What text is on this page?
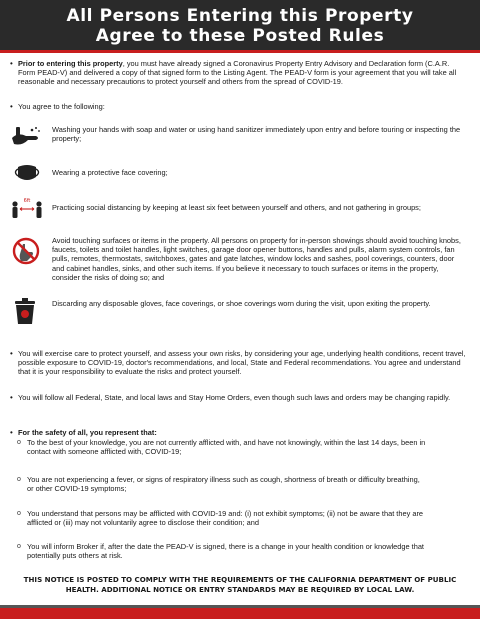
All Persons Entering this Property
Agree to these Posted Rules
• Prior to entering this property, you must have already signed a Coronavirus Property Entry Advisory and Declaration form (C.A.R. Form PEAD-V) and delivered a copy of that signed form to the Listing Agent. The PEAD-V form is your agreement that you will take all reasonable and necessary precautions to protect yourself and others from the spread of COVID-19.
• You agree to the following:
Washing your hands with soap and water or using hand sanitizer immediately upon entry and before touring or inspecting the property;
Wearing a protective face covering;
6ft
Practicing social distancing by keeping at least six feet between yourself and others, and not gathering in groups;
Avoid touching surfaces or items in the property. All persons on property for in-person showings should avoid touching knobs, faucets, toilets and toilet handles, light switches, garage door opener buttons, handles and pulls, alarm system controls, fan pulls, remotes, thermostats, switchboxes, gates and gate latches, window locks and sashes, pool coverings, counters, door and cabinet handles, sinks, and other such items. If you believe it necessary to touch surfaces or items in the property, consider the risks of doing so; and
Discarding any disposable gloves, face coverings, or shoe coverings worn during the visit, upon exiting the property.
• You will exercise care to protect yourself, and assess your own risks, by considering your age, underlying health conditions, recent travel, possible exposure to COVID-19, doctor's recommendations, and local, State and Federal recommendations. You agree and understand that it is your responsibility to evaluate the risks and protect yourself.
• You will follow all Federal, State, and local laws and Stay Home Orders, even though such laws and orders may be changing rapidly.
• For the safety of all, you represent that:
o To the best of your knowledge, you are not currently afflicted with, and have not knowingly, within the last 14 days, been in contact with someone afflicted with, COVID-19;
o You are not experiencing a fever, or signs of respiratory illness such as cough, shortness of breath or difficulty breathing, or other COVID-19 symptoms;
o You understand that persons may be afflicted with COVID-19 and: (i) not exhibit symptoms; (ii) not be aware that they are afflicted or (iii) may not voluntarily agree to disclose their condition; and
o You will inform Broker if, after the date the PEAD-V is signed, there is a change in your health condition or knowledge that potentially puts others at risk.
THIS NOTICE IS POSTED TO COMPLY WITH THE REQUIREMENTS OF THE CALIFORNIA DEPARTMENT OF PUBLIC HEALTH. ADDITIONAL NOTICE OR ENTRY STANDARDS MAY BE REQUIRED BY LOCAL LAW.
